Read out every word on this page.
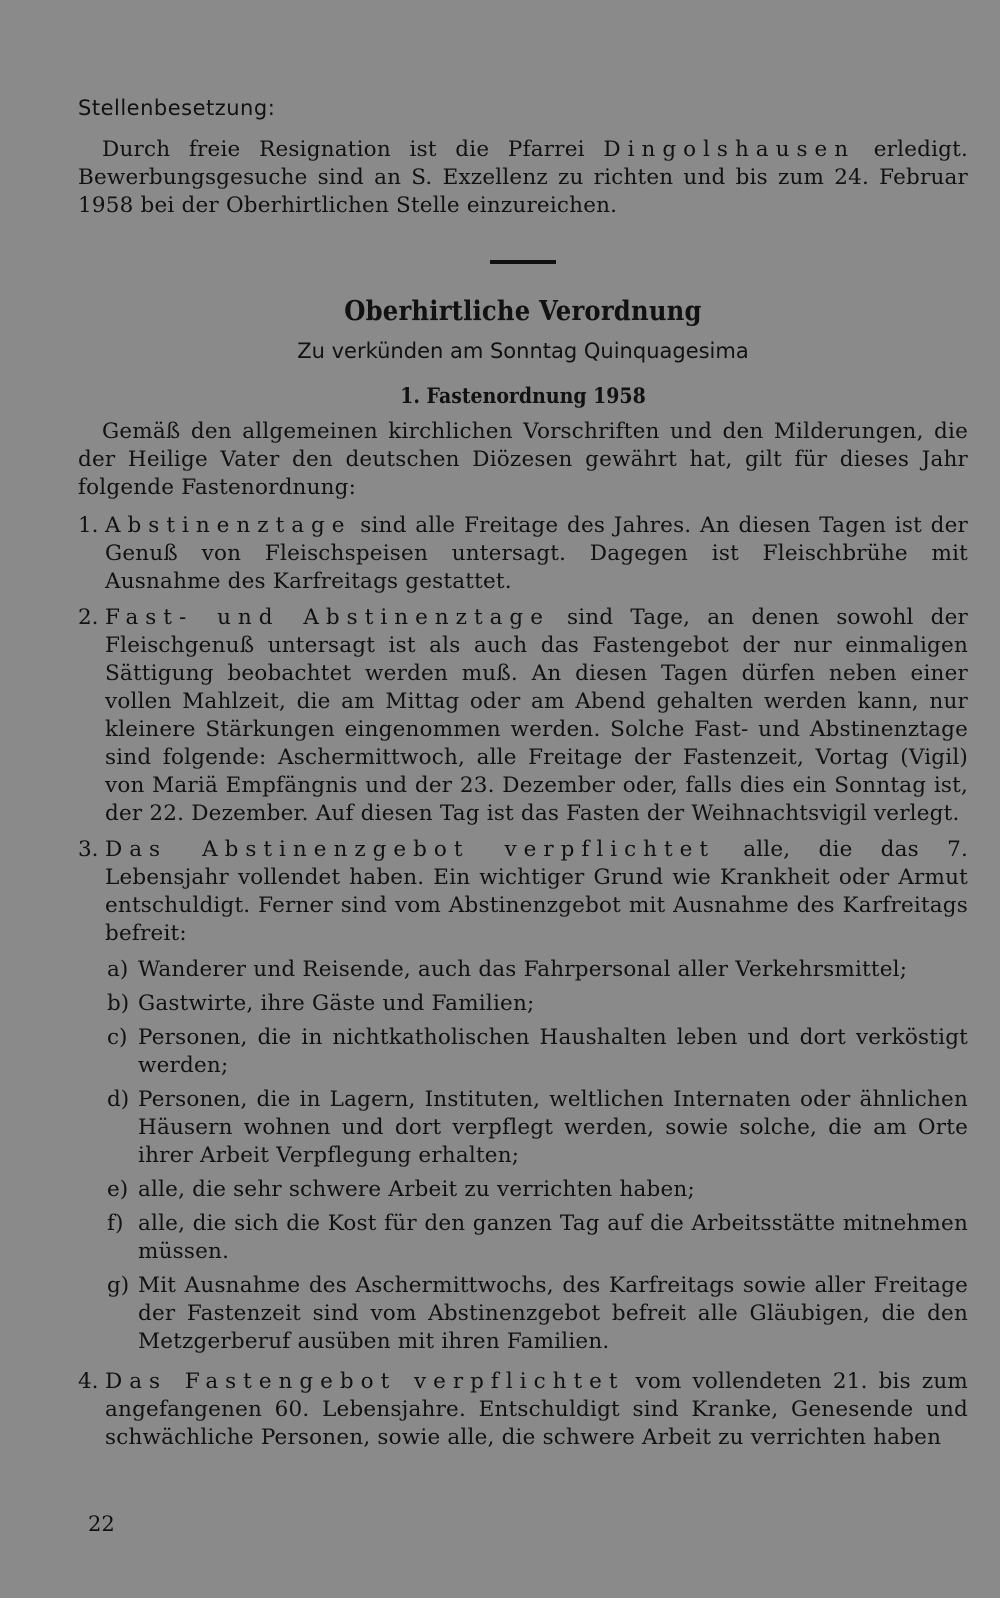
Stellenbesetzung:

Durch freie Resignation ist die Pfarrei Dingolshausen erledigt. Bewerbungsgesuche sind an S. Exzellenz zu richten und bis zum 24. Februar 1958 bei der Oberhirtlichen Stelle einzureichen.

Oberhirtliche Verordnung

Zu verkünden am Sonntag Quinquagesima

1. Fastenordnung 1958

Gemäß den allgemeinen kirchlichen Vorschriften und den Milderungen, die der Heilige Vater den deutschen Diözesen gewährt hat, gilt für dieses Jahr folgende Fastenordnung:

1. Abstinenztage sind alle Freitage des Jahres. An diesen Tagen ist der Genuß von Fleischspeisen untersagt. Dagegen ist Fleischbrühe mit Ausnahme des Karfreitags gestattet.

2. Fast- und Abstinenztage sind Tage, an denen sowohl der Fleischgenuß untersagt ist als auch das Fastengebot der nur einmaligen Sättigung beobachtet werden muß. An diesen Tagen dürfen neben einer vollen Mahlzeit, die am Mittag oder am Abend gehalten werden kann, nur kleinere Stärkungen eingenommen werden. Solche Fast- und Abstinenztage sind folgende: Aschermittwoch, alle Freitage der Fastenzeit, Vortag (Vigil) von Mariä Empfängnis und der 23. Dezember oder, falls dies ein Sonntag ist, der 22. Dezember. Auf diesen Tag ist das Fasten der Weihnachtsvigil verlegt.

3. Das Abstinenzgebot verpflichtet alle, die das 7. Lebensjahr vollendet haben. Ein wichtiger Grund wie Krankheit oder Armut entschuldigt. Ferner sind vom Abstinenzgebot mit Ausnahme des Karfreitags befreit:

a) Wanderer und Reisende, auch das Fahrpersonal aller Verkehrsmittel;

b) Gastwirte, ihre Gäste und Familien;

c) Personen, die in nichtkatholischen Haushalten leben und dort verköstigt werden;

d) Personen, die in Lagern, Instituten, weltlichen Internaten oder ähnlichen Häusern wohnen und dort verpflegt werden, sowie solche, die am Orte ihrer Arbeit Verpflegung erhalten;

e) alle, die sehr schwere Arbeit zu verrichten haben;

f) alle, die sich die Kost für den ganzen Tag auf die Arbeitsstätte mitnehmen müssen.

g) Mit Ausnahme des Aschermittwochs, des Karfreitags sowie aller Freitage der Fastenzeit sind vom Abstinenzgebot befreit alle Gläubigen, die den Metzgerberuf ausüben mit ihren Familien.

4. Das Fastengebot verpflichtet vom vollendeten 21. bis zum angefangenen 60. Lebensjahre. Entschuldigt sind Kranke, Genesende und schwächliche Personen, sowie alle, die schwere Arbeit zu verrichten haben

22
